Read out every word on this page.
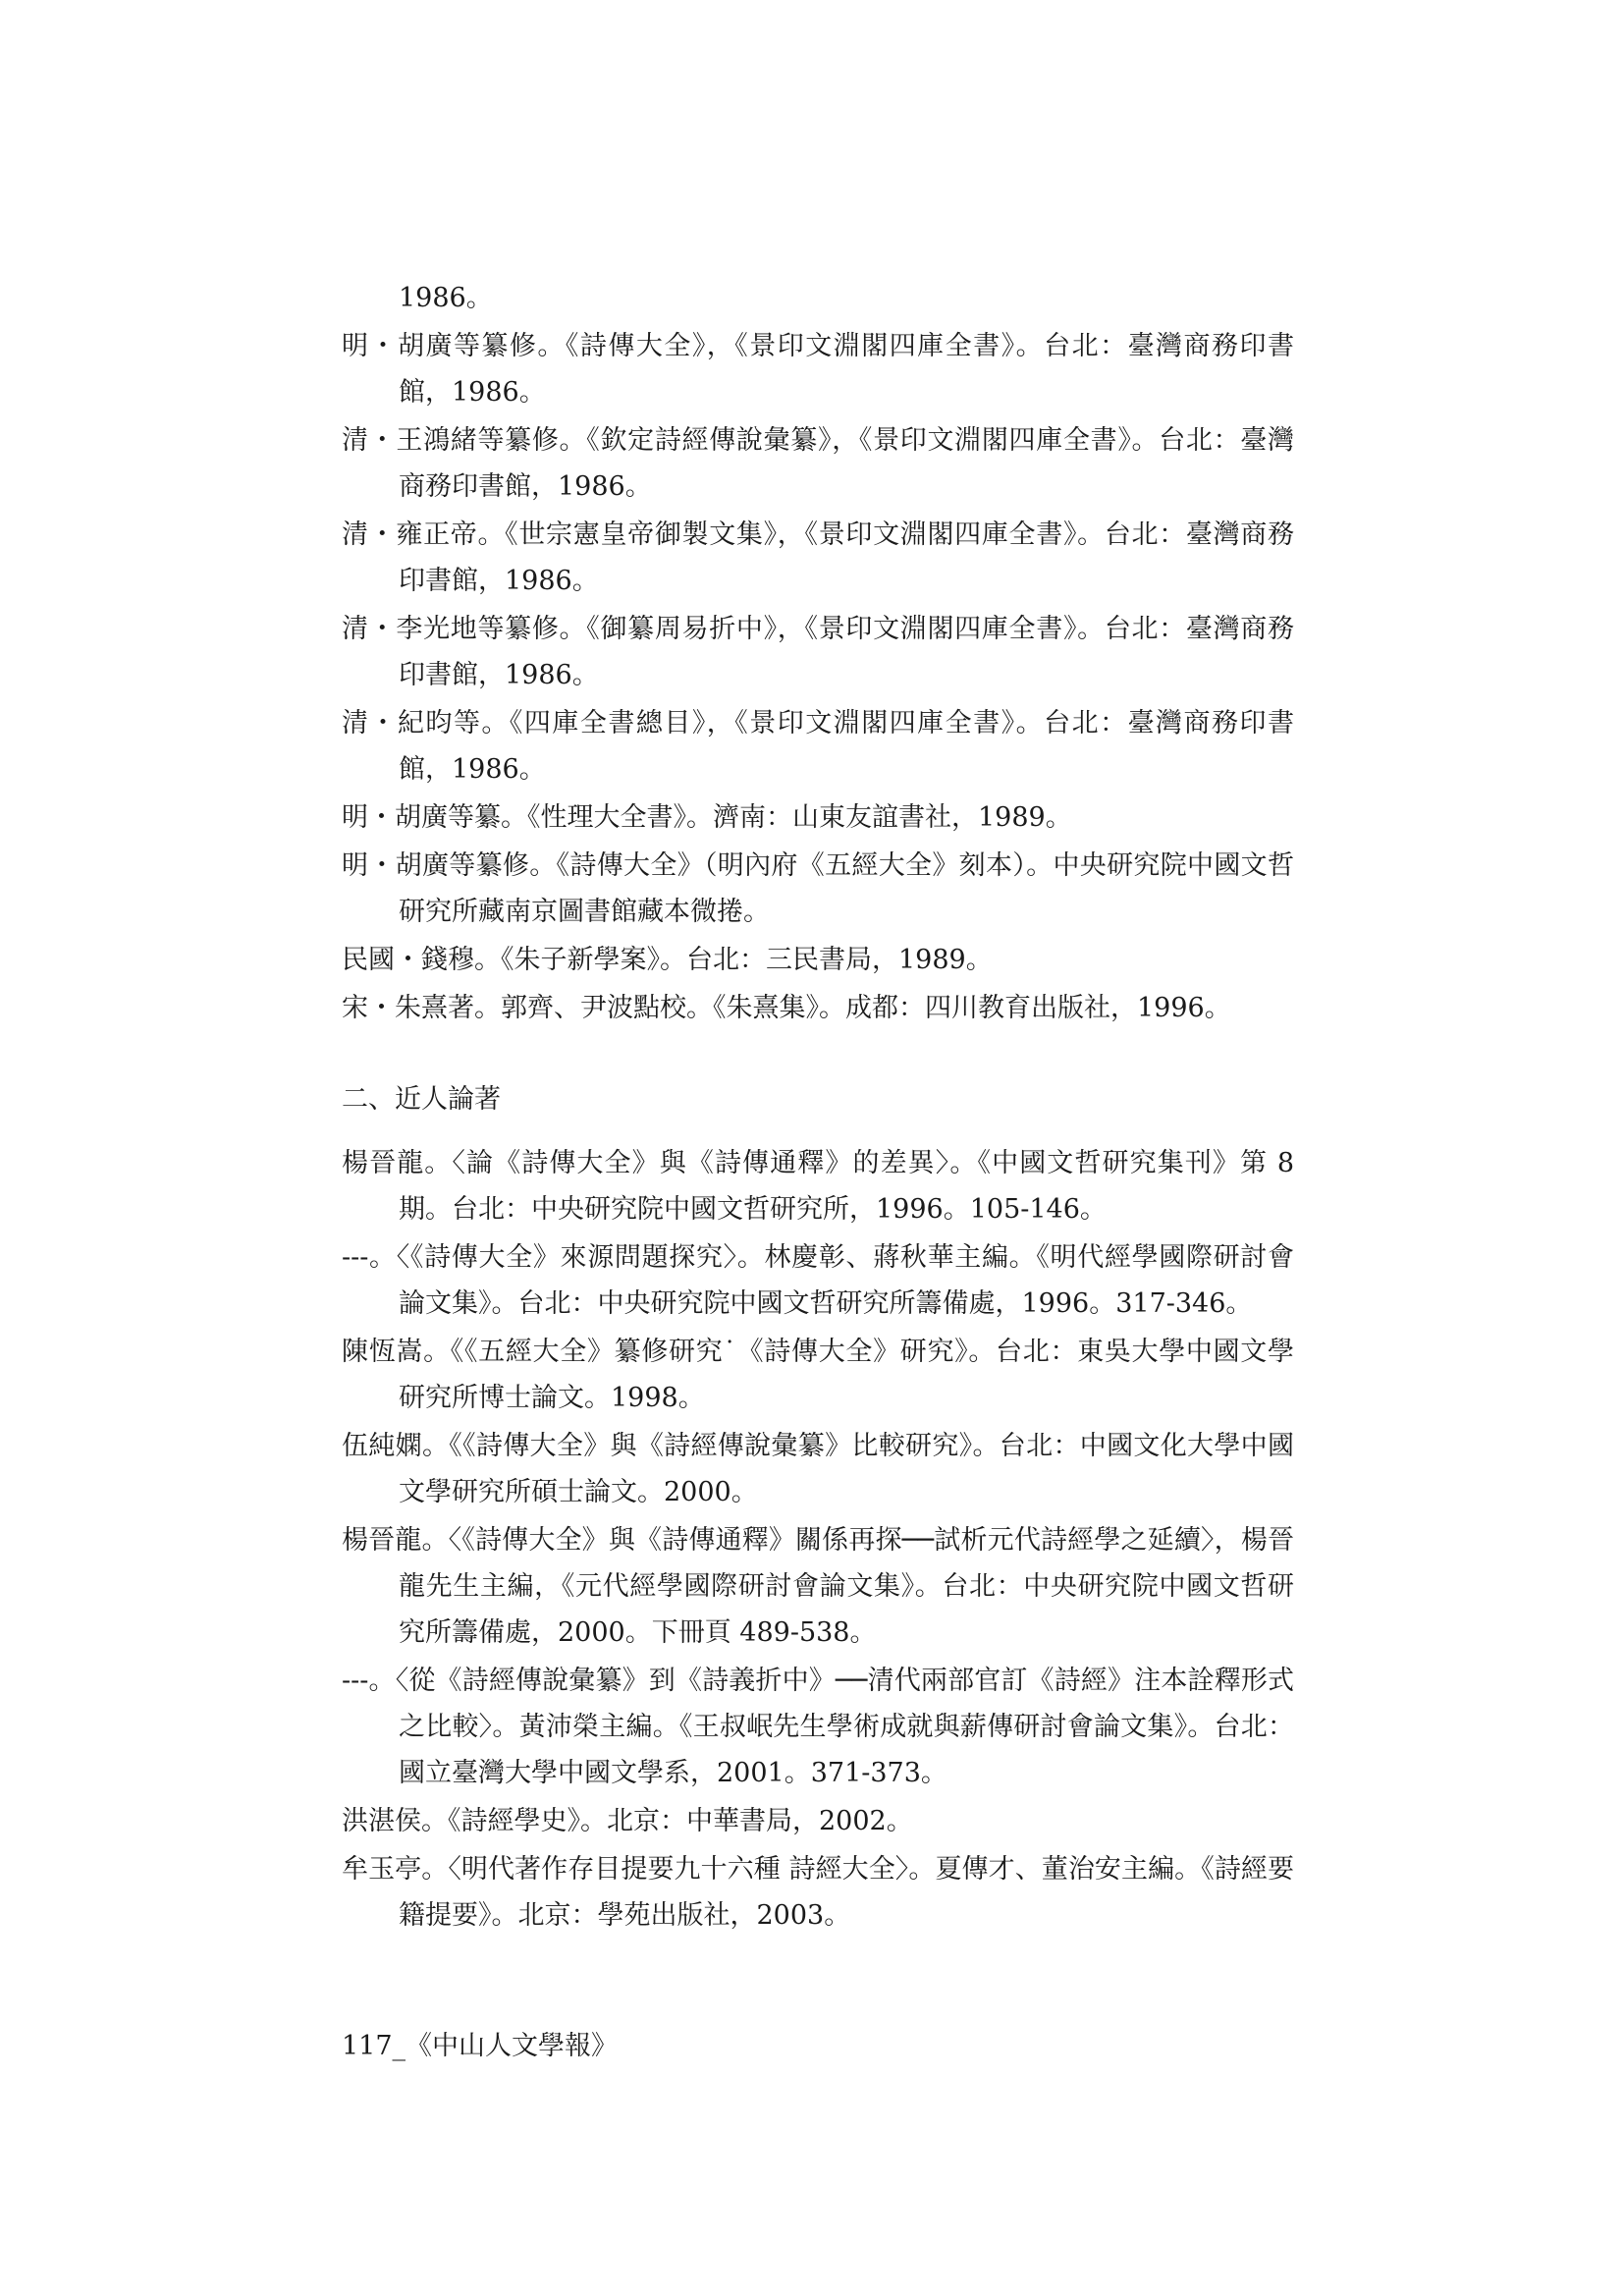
1986。

明・胡廣等纂修。《詩傳大全》，《景印文淵閣四庫全書》。台北：臺灣商務印書館，1986。

清・王鴻緒等纂修。《欽定詩經傳說彙纂》，《景印文淵閣四庫全書》。台北：臺灣商務印書館，1986。

清・雍正帝。《世宗憲皇帝御製文集》，《景印文淵閣四庫全書》。台北：臺灣商務印書館，1986。

清・李光地等纂修。《御纂周易折中》，《景印文淵閣四庫全書》。台北：臺灣商務印書館，1986。

清・紀昀等。《四庫全書總目》，《景印文淵閣四庫全書》。台北：臺灣商務印書館，1986。

明・胡廣等纂。《性理大全書》。濟南：山東友誼書社，1989。

明・胡廣等纂修。《詩傳大全》（明內府《五經大全》刻本）。中央研究院中國文哲研究所藏南京圖書館藏本微捲。

民國・錢穆。《朱子新學案》。台北：三民書局，1989。

宋・朱熹著。郭齊、尹波點校。《朱熹集》。成都：四川教育出版社，1996。

二、近人論著

楊晉龍。〈論《詩傳大全》與《詩傳通釋》的差異〉。《中國文哲研究集刊》第 8 期。台北：中央研究院中國文哲研究所，1996。105-146。

---。〈《詩傳大全》來源問題探究〉。林慶彰、蔣秋華主編。《明代經學國際研討會論文集》。台北：中央研究院中國文哲研究所籌備處，1996。317-346。

陳恆嵩。《《五經大全》纂修研究˙《詩傳大全》研究》。台北：東吳大學中國文學研究所博士論文。1998。

伍純嫻。《《詩傳大全》與《詩經傳說彙纂》比較研究》。台北：中國文化大學中國文學研究所碩士論文。2000。

楊晉龍。〈《詩傳大全》與《詩傳通釋》關係再探──試析元代詩經學之延續〉，楊晉龍先生主編，《元代經學國際研討會論文集》。台北：中央研究院中國文哲研究所籌備處，2000。下冊頁 489-538。

---。〈從《詩經傳說彙纂》到《詩義折中》──清代兩部官訂《詩經》注本詮釋形式之比較〉。黃沛榮主編。《王叔岷先生學術成就與薪傳研討會論文集》。台北：國立臺灣大學中國文學系，2001。371-373。

洪湛侯。《詩經學史》。北京：中華書局，2002。

牟玉亭。〈明代著作存目提要九十六種 詩經大全〉。夏傳才、董治安主編。《詩經要籍提要》。北京：學苑出版社，2003。

117_《中山人文學報》
